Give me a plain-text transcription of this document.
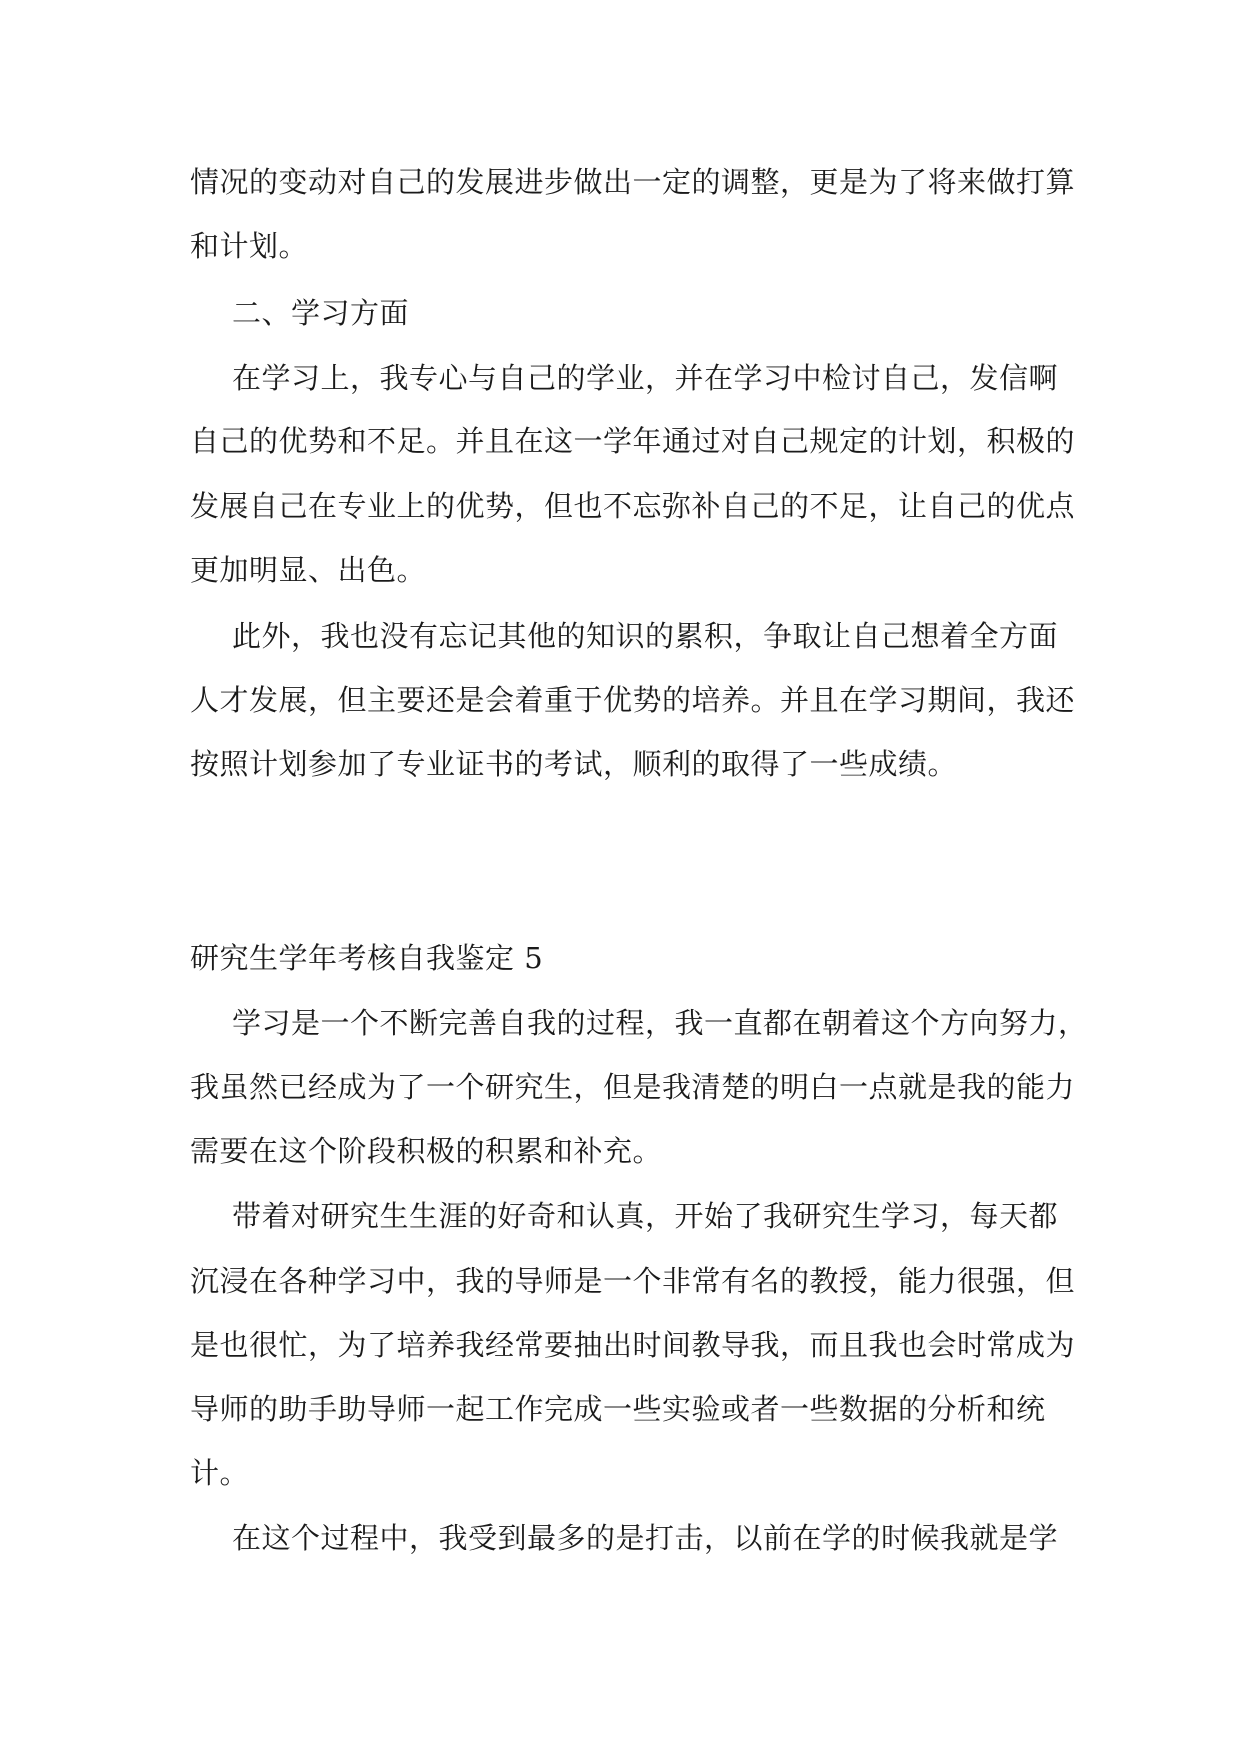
情况的变动对自己的发展进步做出一定的调整，更是为了将来做打算

和计划。

二、学习方面

在学习上，我专心与自己的学业，并在学习中检讨自己，发信啊

自己的优势和不足。并且在这一学年通过对自己规定的计划，积极的

发展自己在专业上的优势，但也不忘弥补自己的不足，让自己的优点

更加明显、出色。

此外，我也没有忘记其他的知识的累积，争取让自己想着全方面

人才发展，但主要还是会着重于优势的培养。并且在学习期间，我还

按照计划参加了专业证书的考试，顺利的取得了一些成绩。

研究生学年考核自我鉴定 5

学习是一个不断完善自我的过程，我一直都在朝着这个方向努力，

我虽然已经成为了一个研究生，但是我清楚的明白一点就是我的能力

需要在这个阶段积极的积累和补充。

带着对研究生生涯的好奇和认真，开始了我研究生学习，每天都

沉浸在各种学习中，我的导师是一个非常有名的教授，能力很强，但

是也很忙，为了培养我经常要抽出时间教导我，而且我也会时常成为

导师的助手助导师一起工作完成一些实验或者一些数据的分析和统

计。

在这个过程中，我受到最多的是打击，以前在学的时候我就是学
